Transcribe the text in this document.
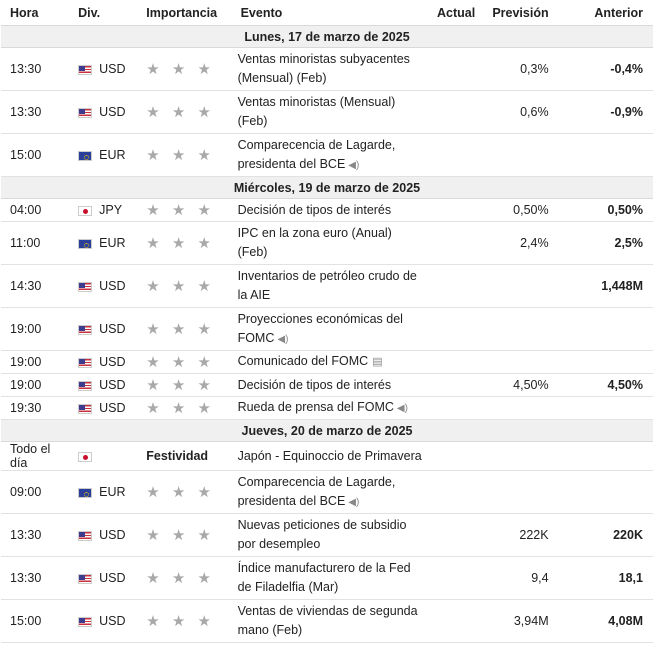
Hora	Div.	Importancia	Evento	Actual	Previsión	Anterior
Lunes, 17 de marzo de 2025						
13:30	USD	★ ★ ★	Ventas minoristas subyacentes
(Mensual) (Feb)		0,3%	-0,4%
13:30	USD	★ ★ ★	Ventas minoristas (Mensual)
(Feb)		0,6%	-0,9%
15:00	EUR	★ ★ ★	Comparecencia de Lagarde,
presidenta del BCE ◀)			
Miércoles, 19 de marzo de 2025						
04:00	JPY	★ ★ ★	Decisión de tipos de interés		0,50%	0,50%
11:00	EUR	★ ★ ★	IPC en la zona euro (Anual)
(Feb)		2,4%	2,5%
14:30	USD	★ ★ ★	Inventarios de petróleo crudo de
la AIE			1,448M
19:00	USD	★ ★ ★	Proyecciones económicas del
FOMC ◀)			
19:00	USD	★ ★ ★	Comunicado del FOMC ▤			
19:00	USD	★ ★ ★	Decisión de tipos de interés		4,50%	4,50%
19:30	USD	★ ★ ★	Rueda de prensa del FOMC ◀)			
Jueves, 20 de marzo de 2025						
Todo el día		Festividad	Japón - Equinoccio de Primavera			
09:00	EUR	★ ★ ★	Comparecencia de Lagarde,
presidenta del BCE ◀)			
13:30	USD	★ ★ ★	Nuevas peticiones de subsidio
por desempleo		222K	220K
13:30	USD	★ ★ ★	Índice manufacturero de la Fed
de Filadelfia (Mar)		9,4	18,1
15:00	USD	★ ★ ★	Ventas de viviendas de segunda
mano (Feb)		3,94M	4,08M
